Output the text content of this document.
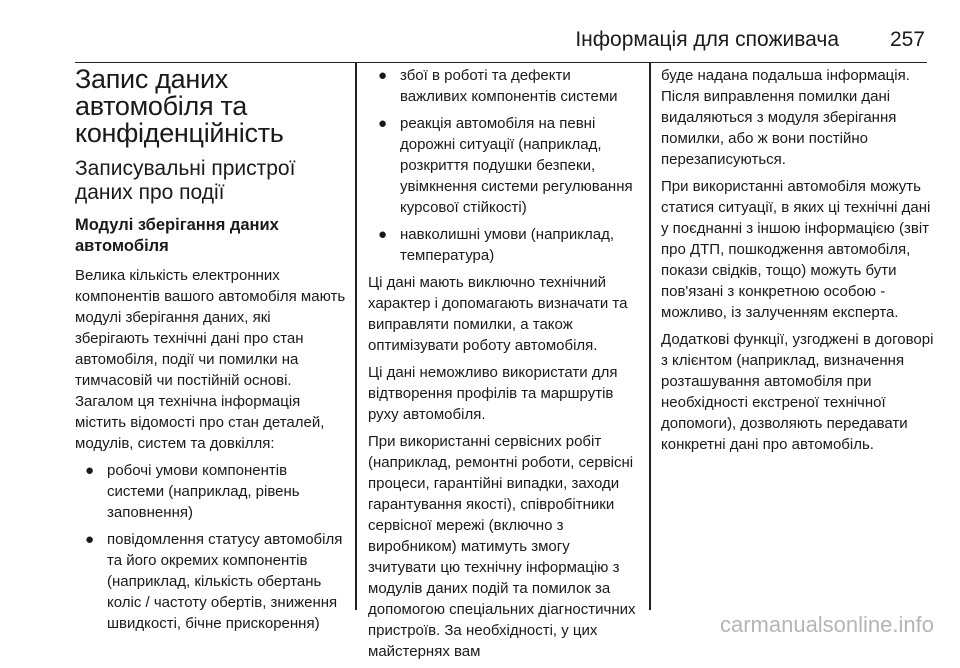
Інформація для споживача 257
Запис даних автомобіля та конфіденційність
Записувальні пристрої даних про події
Модулі зберігання даних автомобіля

Велика кількість електронних компонентів вашого автомобіля мають модулі зберігання даних, які зберігають технічні дані про стан автомобіля, події чи помилки на тимчасовій чи постійній основі. Загалом ця технічна інформація містить відомості про стан деталей, модулів, систем та довкілля:

● робочі умови компонентів системи (наприклад, рівень заповнення)
● повідомлення статусу автомобіля та його окремих компонентів (наприклад, кількість обертань коліс / частоту обертів, зниження швидкості, бічне прискорення)
● збої в роботі та дефекти важливих компонентів системи
● реакція автомобіля на певні дорожні ситуації (наприклад, розкриття подушки безпеки, увімкнення системи регулювання курсової стійкості)
● навколишні умови (наприклад, температура)

Ці дані мають виключно технічний характер і допомагають визначати та виправляти помилки, а також оптимізувати роботу автомобіля.

Ці дані неможливо використати для відтворення профілів та маршрутів руху автомобіля.

При використанні сервісних робіт (наприклад, ремонтні роботи, сервісні процеси, гарантійні випадки, заходи гарантування якості), співробітники сервісної мережі (включно з виробником) матимуть змогу зчитувати цю технічну інформацію з модулів даних подій та помилок за допомогою спеціальних діагностичних пристроїв. За необхідності, у цих майстернях вам

буде надана подальша інформація. Після виправлення помилки дані видаляються з модуля зберігання помилки, або ж вони постійно перезаписуються.

При використанні автомобіля можуть статися ситуації, в яких ці технічні дані у поєднанні з іншою інформацією (звіт про ДТП, пошкодження автомобіля, покази свідків, тощо) можуть бути пов'язані з конкретною особою - можливо, із залученням експерта.

Додаткові функції, узгоджені в договорі з клієнтом (наприклад, визначення розташування автомобіля при необхідності екстреної технічної допомоги), дозволяють передавати конкретні дані про автомобіль.

carmanualsonline.info
